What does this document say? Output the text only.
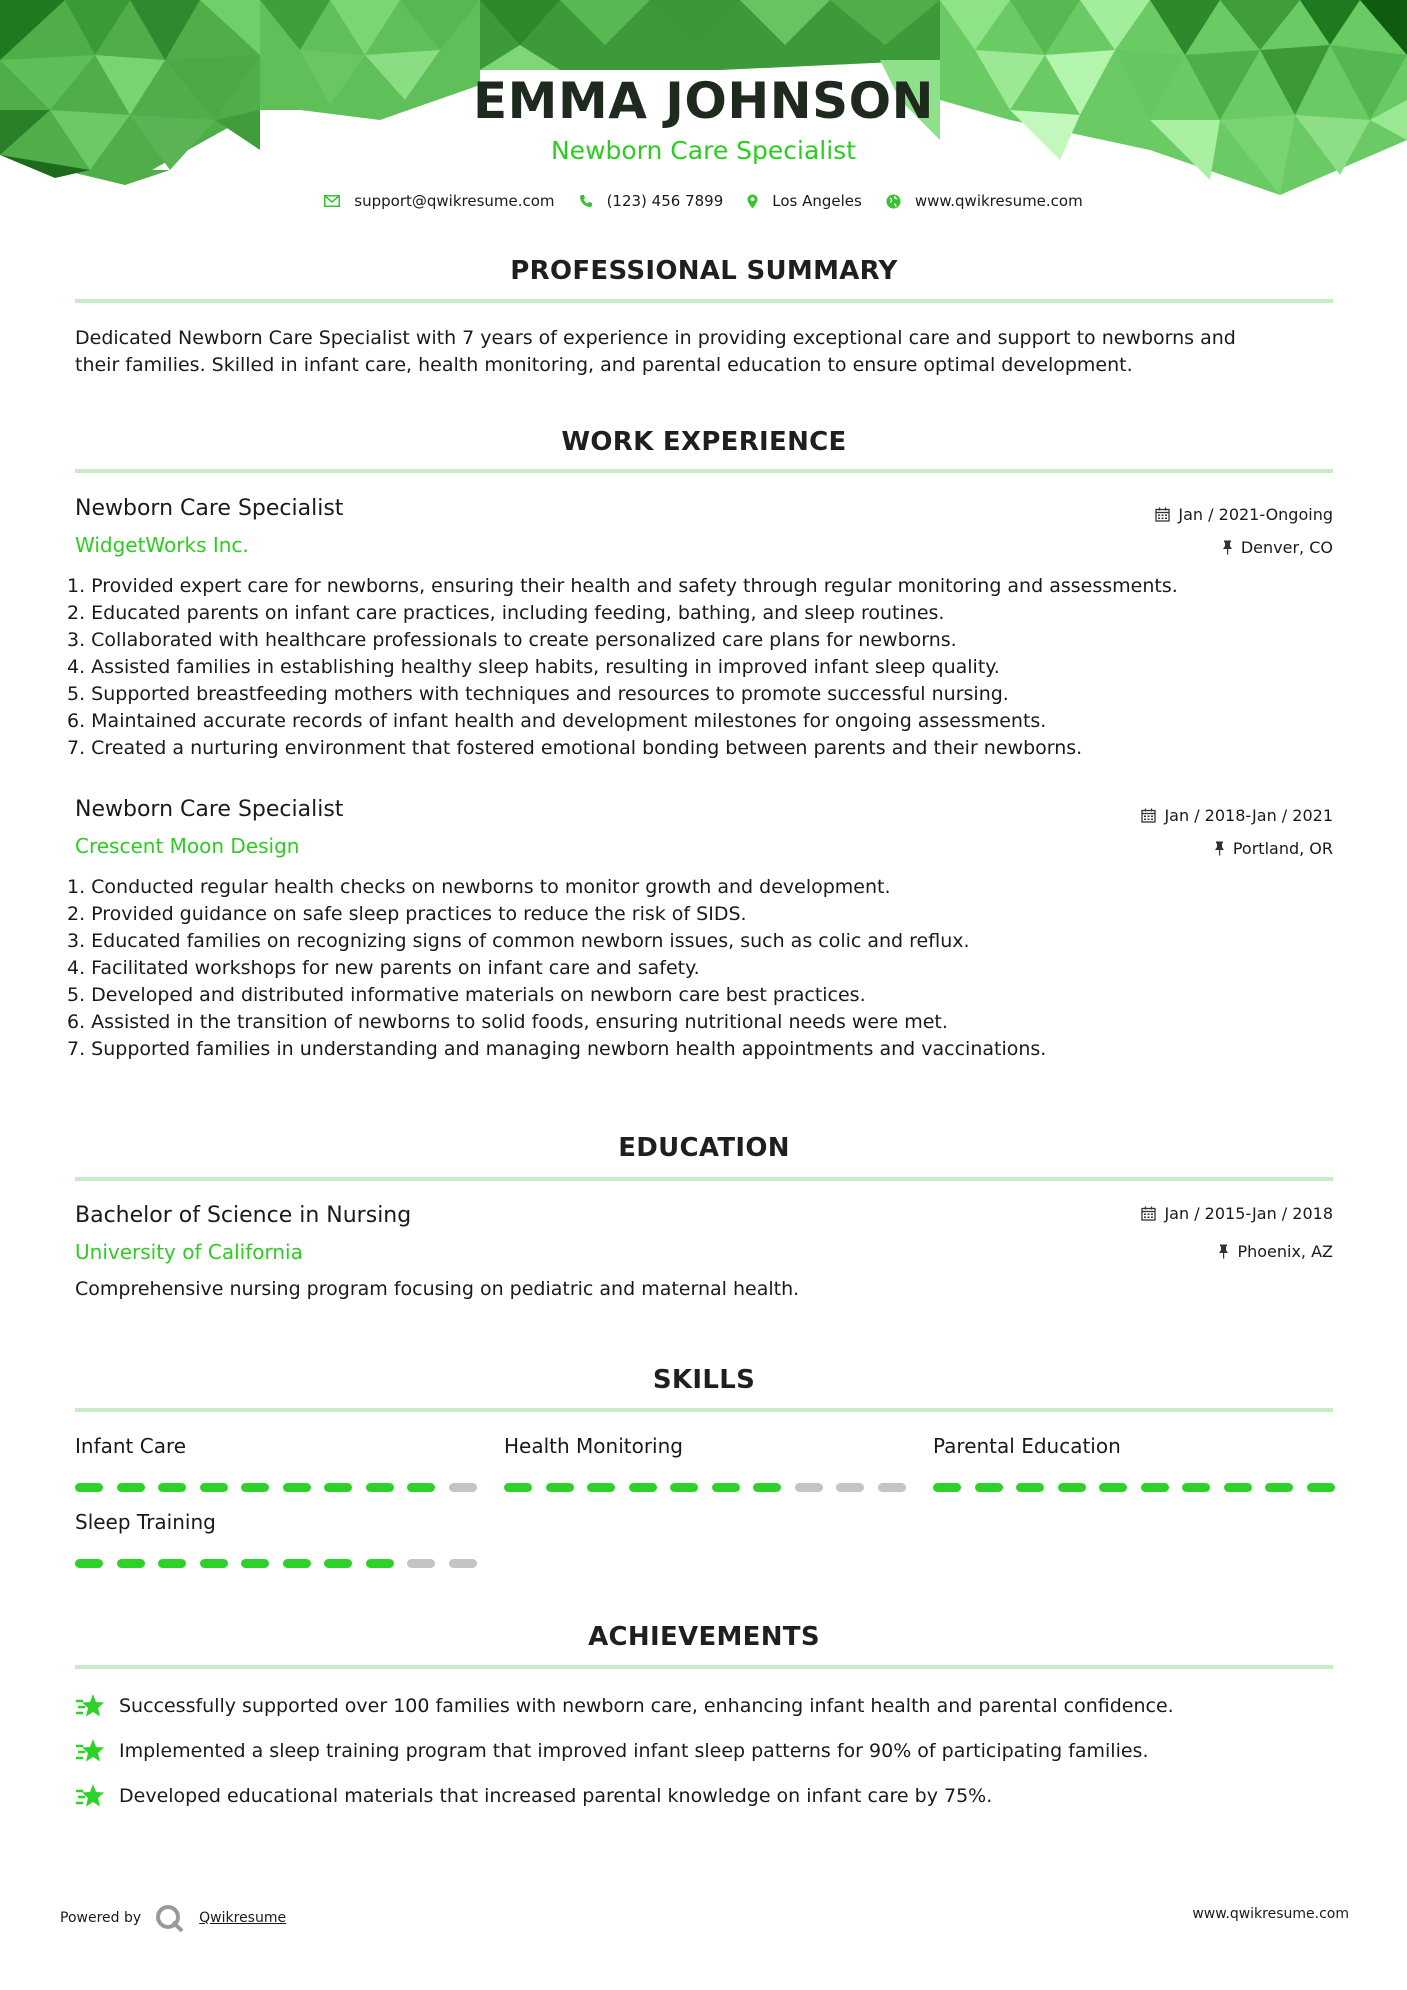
EMMA JOHNSON
Newborn Care Specialist
support@qwikresume.com	(123) 456 7899	Los Angeles	www.qwikresume.com
PROFESSIONAL SUMMARY
Dedicated Newborn Care Specialist with 7 years of experience in providing exceptional care and support to newborns and
their families. Skilled in infant care, health monitoring, and parental education to ensure optimal development.
WORK EXPERIENCE
Newborn Care Specialist	Jan / 2021-Ongoing
WidgetWorks Inc.	Denver, CO
1. Provided expert care for newborns, ensuring their health and safety through regular monitoring and assessments.
2. Educated parents on infant care practices, including feeding, bathing, and sleep routines.
3. Collaborated with healthcare professionals to create personalized care plans for newborns.
4. Assisted families in establishing healthy sleep habits, resulting in improved infant sleep quality.
5. Supported breastfeeding mothers with techniques and resources to promote successful nursing.
6. Maintained accurate records of infant health and development milestones for ongoing assessments.
7. Created a nurturing environment that fostered emotional bonding between parents and their newborns.
Newborn Care Specialist	Jan / 2018-Jan / 2021
Crescent Moon Design	Portland, OR
1. Conducted regular health checks on newborns to monitor growth and development.
2. Provided guidance on safe sleep practices to reduce the risk of SIDS.
3. Educated families on recognizing signs of common newborn issues, such as colic and reflux.
4. Facilitated workshops for new parents on infant care and safety.
5. Developed and distributed informative materials on newborn care best practices.
6. Assisted in the transition of newborns to solid foods, ensuring nutritional needs were met.
7. Supported families in understanding and managing newborn health appointments and vaccinations.
EDUCATION
Bachelor of Science in Nursing	Jan / 2015-Jan / 2018
University of California	Phoenix, AZ
Comprehensive nursing program focusing on pediatric and maternal health.
SKILLS
Infant Care	Health Monitoring	Parental Education
Sleep Training
ACHIEVEMENTS
Successfully supported over 100 families with newborn care, enhancing infant health and parental confidence.
Implemented a sleep training program that improved infant sleep patterns for 90% of participating families.
Developed educational materials that increased parental knowledge on infant care by 75%.
Powered by	Qwikresume	www.qwikresume.com
